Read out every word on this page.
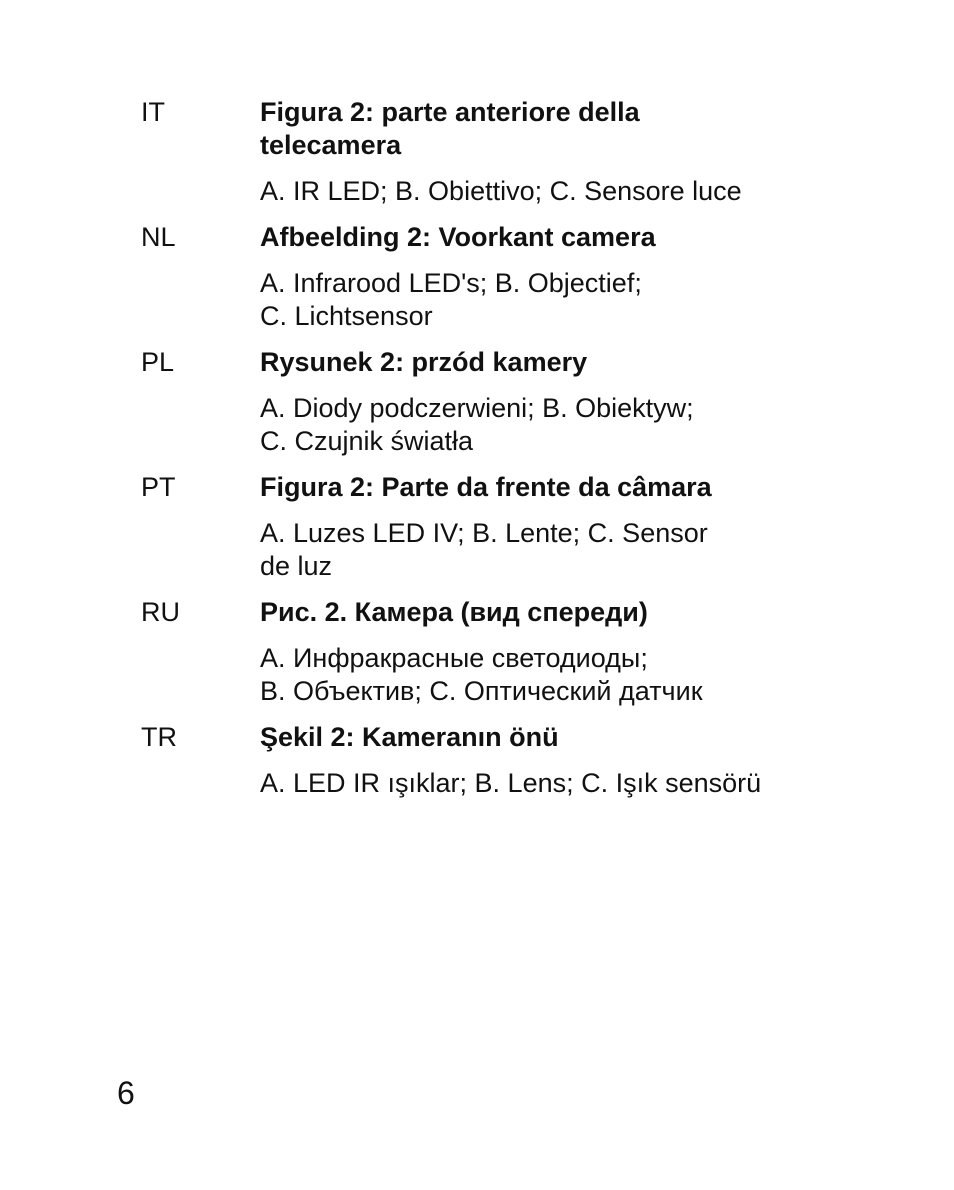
IT	Figura 2: parte anteriore della
telecamera
A. IR LED; B. Obiettivo; C. Sensore luce
NL	Afbeelding 2: Voorkant camera
A. Infrarood LED's; B. Objectief;
C. Lichtsensor
PL	Rysunek 2: przód kamery
A. Diody podczerwieni; B. Obiektyw;
C. Czujnik światła
PT	Figura 2: Parte da frente da câmara
A. Luzes LED IV; B. Lente; C. Sensor
de luz
RU	Рис. 2. Камера (вид спереди)
A. Инфракрасные светодиоды;
B. Объектив; C. Оптический датчик
TR	Şekil 2: Kameranın önü
A. LED IR ışıklar; B. Lens; C. Işık sensörü
6
